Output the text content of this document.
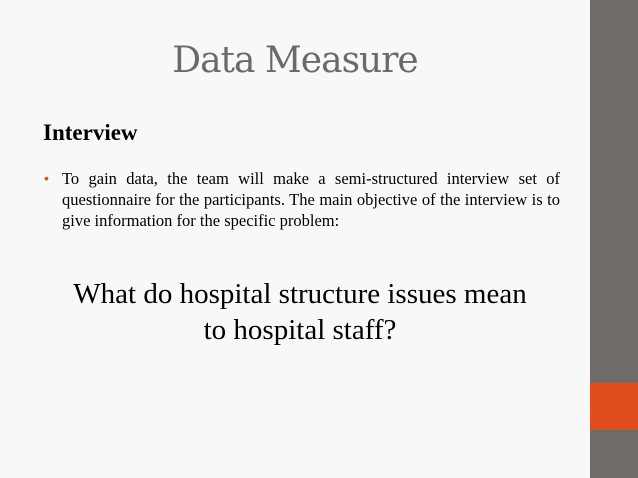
Data Measure
Interview
• To gain data, the team will make a semi-structured interview set of questionnaire for the participants. The main objective of the interview is to give information for the specific problem:

What do hospital structure issues mean
to hospital staff?
